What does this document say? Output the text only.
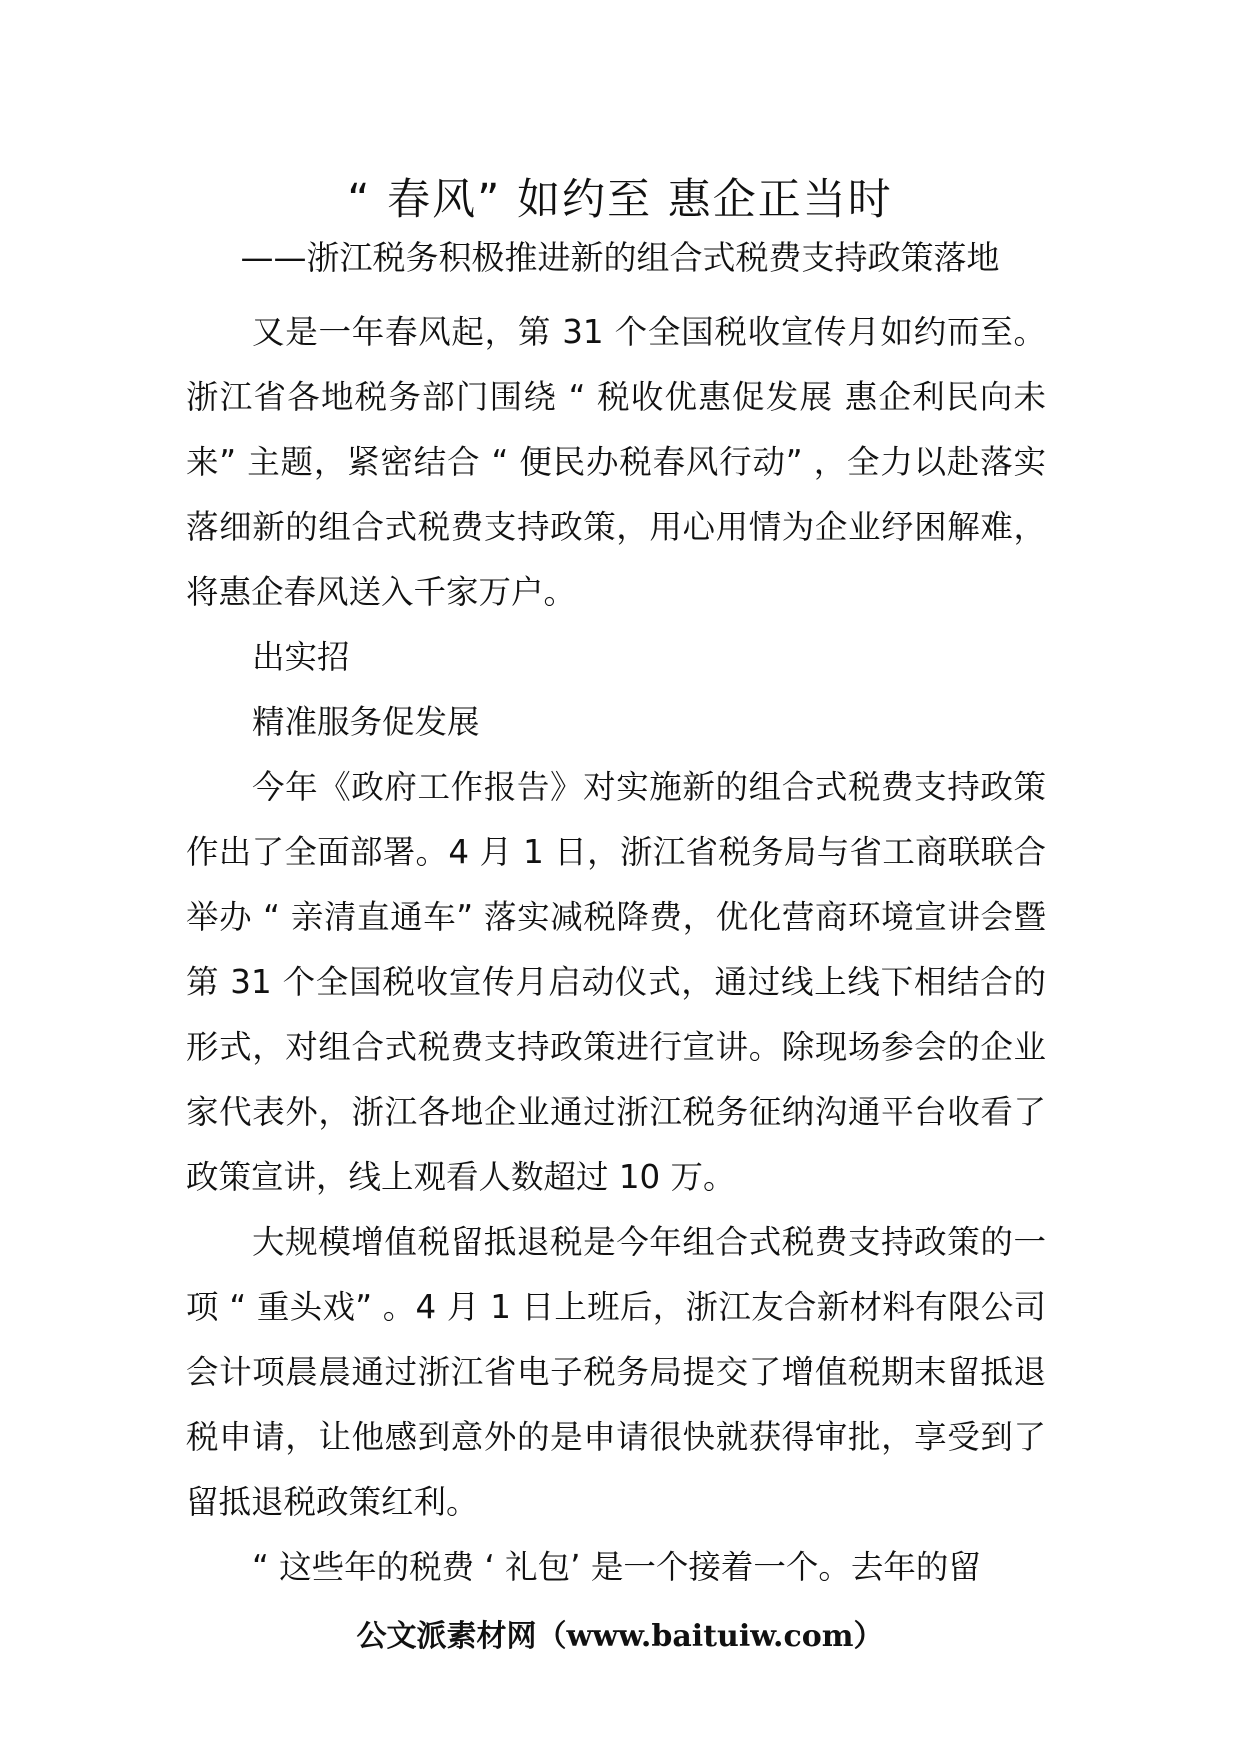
“ 春风” 如约至 惠企正当时
——浙江税务积极推进新的组合式税费支持政策落地

又是一年春风起，第 31 个全国税收宣传月如约而至。浙江省各地税务部门围绕 “ 税收优惠促发展 惠企利民向未来” 主题，紧密结合 “ 便民办税春风行动” ，全力以赴落实落细新的组合式税费支持政策，用心用情为企业纾困解难，将惠企春风送入千家万户。

出实招

精准服务促发展

今年《政府工作报告》对实施新的组合式税费支持政策作出了全面部署。4 月 1 日，浙江省税务局与省工商联联合举办 “ 亲清直通车” 落实减税降费，优化营商环境宣讲会暨第 31 个全国税收宣传月启动仪式，通过线上线下相结合的形式，对组合式税费支持政策进行宣讲。除现场参会的企业家代表外，浙江各地企业通过浙江税务征纳沟通平台收看了政策宣讲，线上观看人数超过 10 万。

大规模增值税留抵退税是今年组合式税费支持政策的一项 “ 重头戏” 。4 月 1 日上班后，浙江友合新材料有限公司会计项晨晨通过浙江省电子税务局提交了增值税期末留抵退税申请，让他感到意外的是申请很快就获得审批，享受到了留抵退税政策红利。

“ 这些年的税费 ‘ 礼包’ 是一个接着一个。去年的留

公文派素材网（www.baituiw.com）
